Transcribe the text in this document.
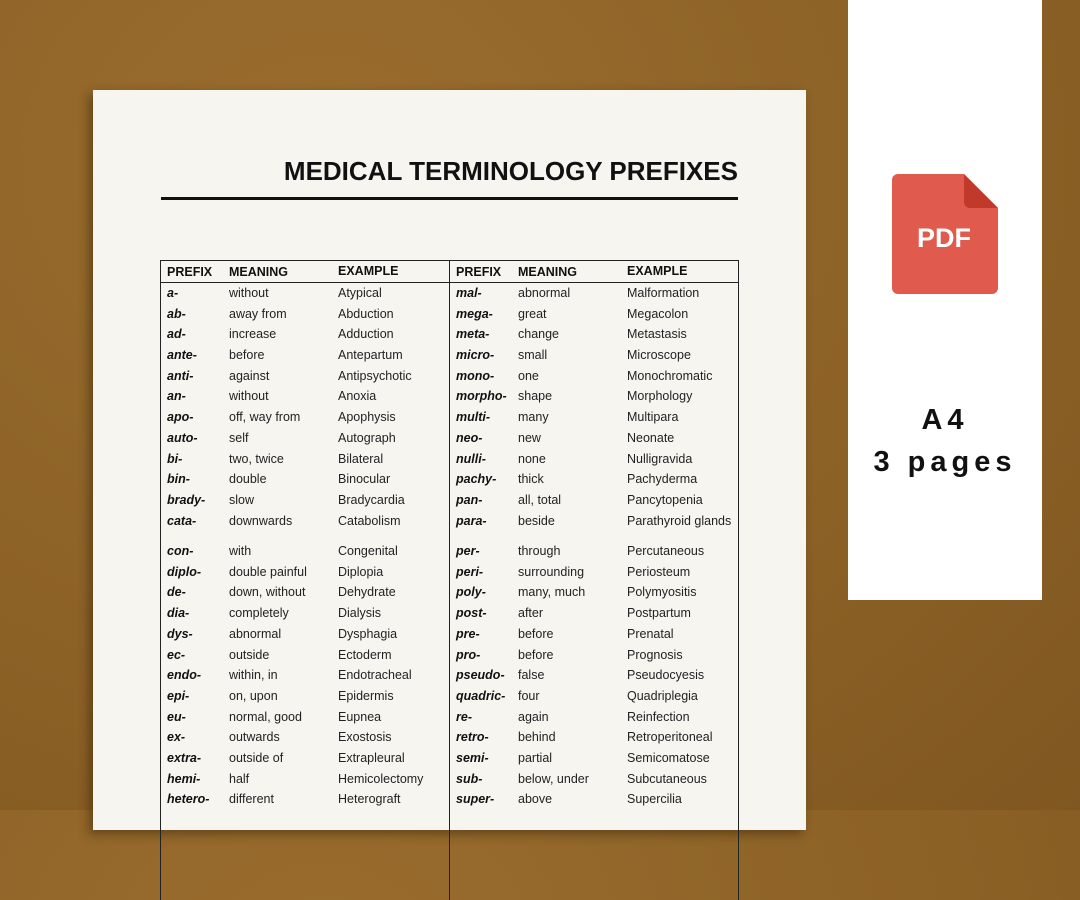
MEDICAL TERMINOLOGY PREFIXES
PREFIX	MEANING	EXAMPLE
a-	without	Atypical
ab-	away from	Abduction
ad-	increase	Adduction
ante-	before	Antepartum
anti-	against	Antipsychotic
an-	without	Anoxia
apo-	off, way from	Apophysis
auto-	self	Autograph
bi-	two, twice	Bilateral
bin-	double	Binocular
brady-	slow	Bradycardia
cata-	downwards	Catabolism
con-	with	Congenital
diplo-	double painful	Diplopia
de-	down, without	Dehydrate
dia-	completely	Dialysis
dys-	abnormal	Dysphagia
ec-	outside	Ectoderm
endo-	within, in	Endotracheal
epi-	on, upon	Epidermis
eu-	normal, good	Eupnea
ex-	outwards	Exostosis
extra-	outside of	Extrapleural
hemi-	half	Hemicolectomy
hetero-	different	Heterograft
PREFIX	MEANING	EXAMPLE
mal-	abnormal	Malformation
mega-	great	Megacolon
meta-	change	Metastasis
micro-	small	Microscope
mono-	one	Monochromatic
morpho- shape	Morphology
multi-	many	Multipara
neo-	new	Neonate
nulli-	none	Nulligravida
pachy-	thick	Pachyderma
pan-	all, total	Pancytopenia
para-	beside	Parathyroid glands
per-	through	Percutaneous
peri-	surrounding	Periosteum
poly-	many, much	Polymyositis
post-	after	Postpartum
pre-	before	Prenatal
pro-	before	Prognosis
pseudo-	false	Pseudocyesis
quadric-	four	Quadriplegia
re-	again	Reinfection
retro-	behind	Retroperitoneal
semi-	partial	Semicomatose
sub-	below, under	Subcutaneous
super-	above	Supercilia
PDF
A4
3 pages
